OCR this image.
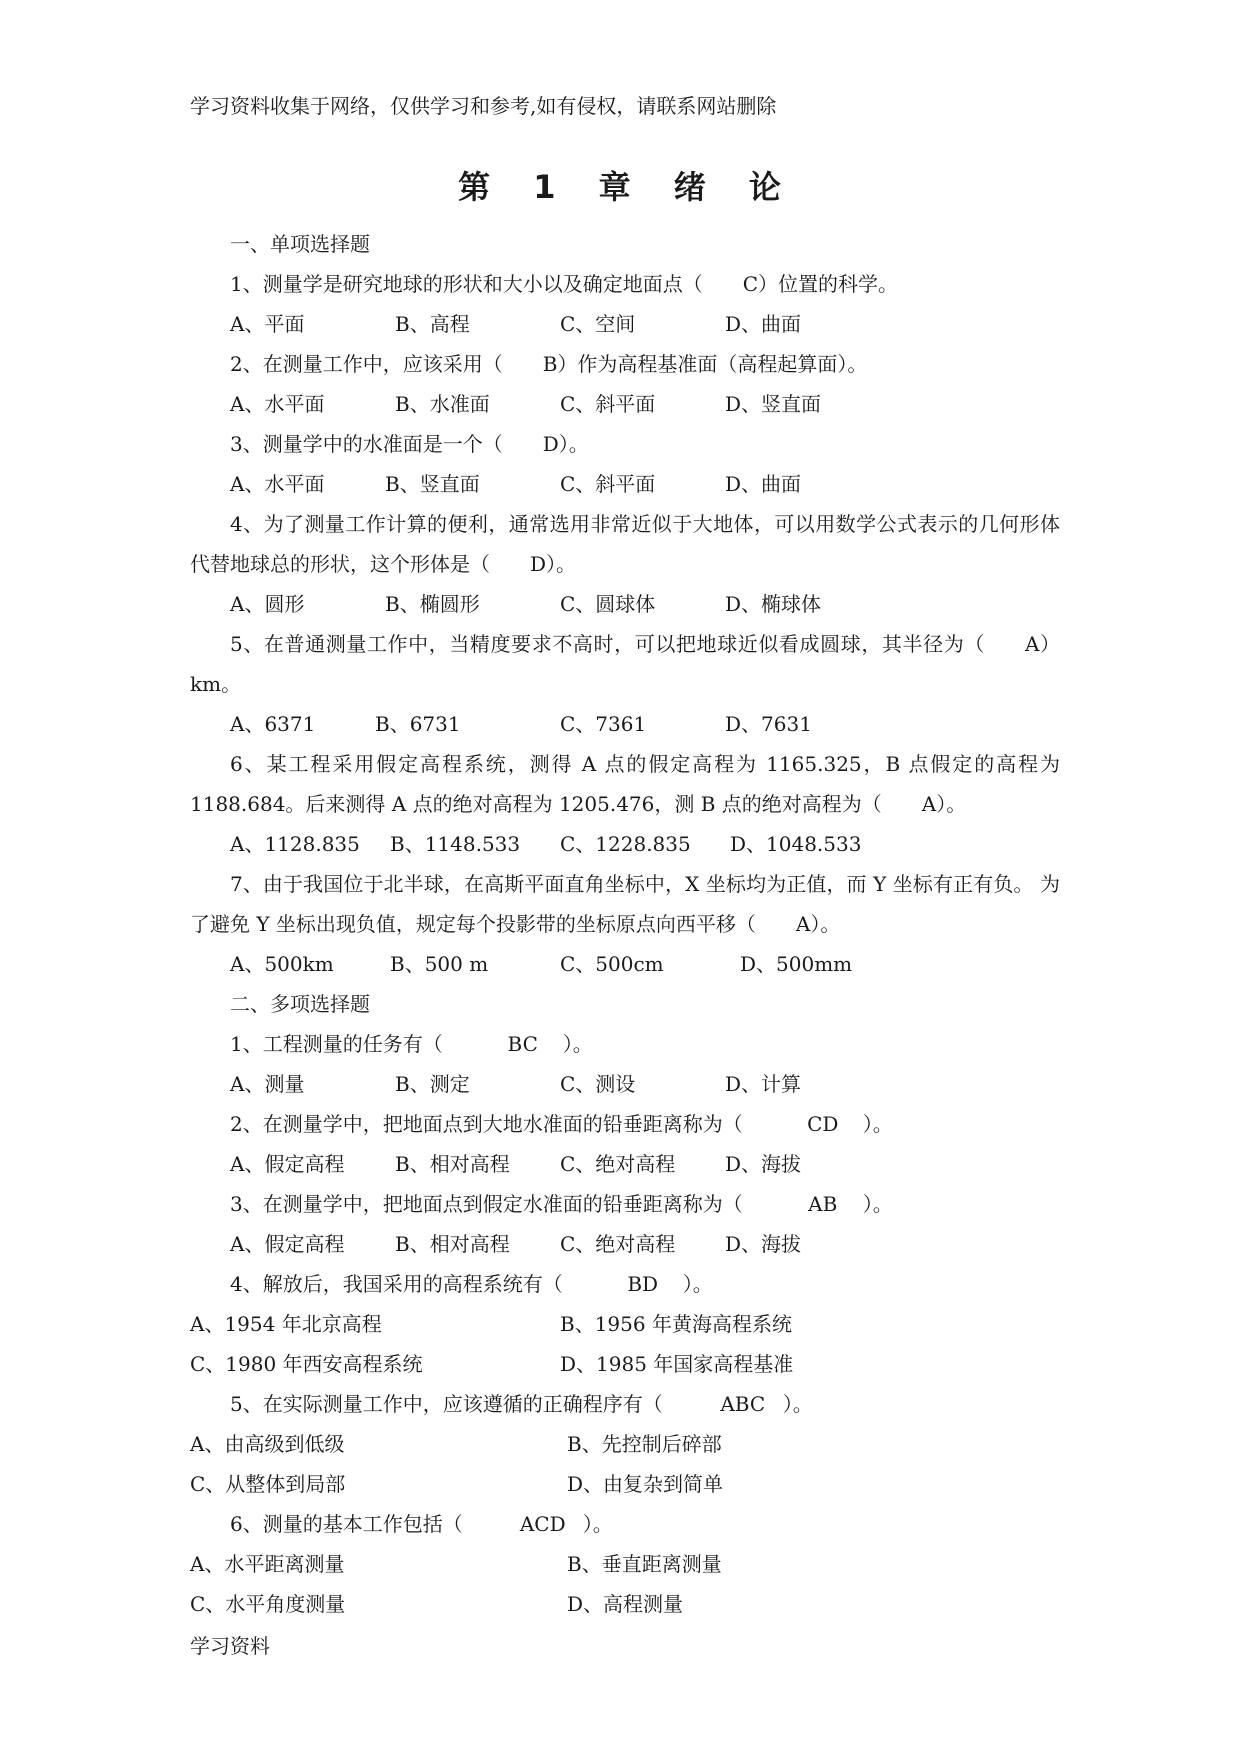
学习资料收集于网络，仅供学习和参考,如有侵权，请联系网站删除
第 1 章 绪 论
一、单项选择题
1、测量学是研究地球的形状和大小以及确定地面点（ C）位置的科学。
A、平面	B、高程	C、空间	D、曲面
2、在测量工作中，应该采用（ B）作为高程基准面（高程起算面）。
A、水平面	B、水准面	C、斜平面	D、竖直面
3、测量学中的水准面是一个（ D）。
A、水平面	B、竖直面	C、斜平面	D、曲面
4、为了测量工作计算的便利，通常选用非常近似于大地体，可以用数学公式表示的几何形体代替地球总的形状，这个形体是（ D）。
A、圆形	B、椭圆形	C、圆球体	D、椭球体
5、在普通测量工作中，当精度要求不高时，可以把地球近似看成圆球，其半径为（ A）km。
A、6371	B、6731	C、7361	D、7631
6、某工程采用假定高程系统，测得 A 点的假定高程为 1165.325，B 点假定的高程为 1188.684。后来测得 A 点的绝对高程为 1205.476，测 B 点的绝对高程为（ A）。
A、1128.835 B、1148.533 C、1228.835 D、1048.533
7、由于我国位于北半球，在高斯平面直角坐标中，X 坐标均为正值，而 Y 坐标有正有负。 为了避免 Y 坐标出现负值，规定每个投影带的坐标原点向西平移（ A）。
A、500km	B、500 m	C、500cm	D、500mm
二、多项选择题
1、工程测量的任务有（	BC ）。
A、测量	B、测定	C、测设	D、计算
2、在测量学中，把地面点到大地水准面的铅垂距离称为（	CD ）。
A、假定高程	B、相对高程	C、绝对高程 D、海拔
3、在测量学中，把地面点到假定水准面的铅垂距离称为（	AB ）。
A、假定高程	B、相对高程	C、绝对高程 D、海拔
4、解放后，我国采用的高程系统有（	BD ）。
A、1954 年北京高程	B、1956 年黄海高程系统
C、1980 年西安高程系统	D、1985 年国家高程基准
5、在实际测量工作中，应该遵循的正确程序有（	ABC ）。
A、由高级到低级	B、先控制后碎部
C、从整体到局部	D、由复杂到简单
6、测量的基本工作包括（	ACD ）。
A、水平距离测量	B、垂直距离测量
C、水平角度测量	D、高程测量
学习资料
